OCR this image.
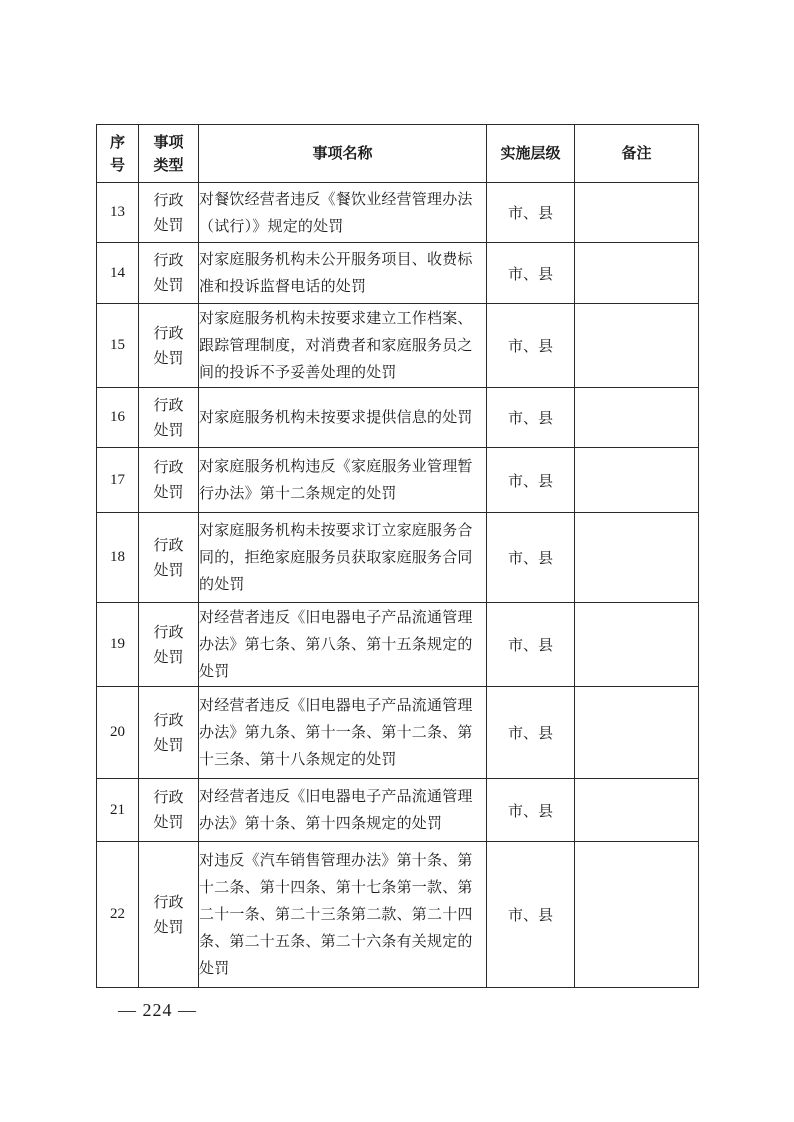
序号	事项类型	事项名称	实施层级	备注
13	行政处罚	对餐饮经营者违反《餐饮业经营管理办法（试行）》规定的处罚	市、县	
14	行政处罚	对家庭服务机构未公开服务项目、收费标准和投诉监督电话的处罚	市、县	
15	行政处罚	对家庭服务机构未按要求建立工作档案、跟踪管理制度，对消费者和家庭服务员之间的投诉不予妥善处理的处罚	市、县	
16	行政处罚	对家庭服务机构未按要求提供信息的处罚	市、县	
17	行政处罚	对家庭服务机构违反《家庭服务业管理暂行办法》第十二条规定的处罚	市、县	
18	行政处罚	对家庭服务机构未按要求订立家庭服务合同的，拒绝家庭服务员获取家庭服务合同的处罚	市、县	
19	行政处罚	对经营者违反《旧电器电子产品流通管理办法》第七条、第八条、第十五条规定的处罚	市、县	
20	行政处罚	对经营者违反《旧电器电子产品流通管理办法》第九条、第十一条、第十二条、第十三条、第十八条规定的处罚	市、县	
21	行政处罚	对经营者违反《旧电器电子产品流通管理办法》第十条、第十四条规定的处罚	市、县	
22	行政处罚	对违反《汽车销售管理办法》第十条、第十二条、第十四条、第十七条第一款、第二十一条、第二十三条第二款、第二十四条、第二十五条、第二十六条有关规定的处罚	市、县	
— 224 —
